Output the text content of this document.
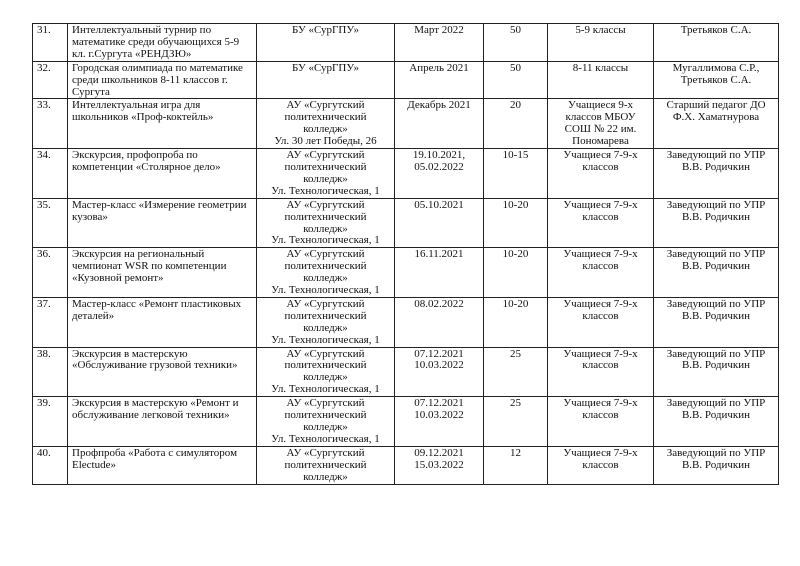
31.	Интеллектуальный турнир по математике среди обучающихся 5-9 кл. г.Сургута «РЕНДЗЮ»	БУ «СурГПУ»	Март 2022	50	5-9 классы	Третьяков С.А.
32.	Городская олимпиада по математике среди школьников 8-11 классов г. Сургута	БУ «СурГПУ»	Апрель 2021	50	8-11 классы	Мугаллимова С.Р.,
Третьяков С.А.
33.	Интеллектуальная игра для школьников «Проф-коктейль»	АУ «Сургутский
политехнический
колледж»
Ул. 30 лет Победы, 26	Декабрь 2021	20	Учащиеся 9-х
классов МБОУ
СОШ № 22 им.
Пономарева	Старший педагог ДО
Ф.Х. Хаматнурова
34.	Экскурсия, профопроба по компетенции «Столярное дело»	АУ «Сургутский
политехнический
колледж»
Ул. Технологическая, 1	19.10.2021,
05.02.2022	10-15	Учащиеся 7-9-х
классов	Заведующий по УПР
В.В. Родичкин
35.	Мастер-класс «Измерение геометрии кузова»	АУ «Сургутский
политехнический
колледж»
Ул. Технологическая, 1	05.10.2021	10-20	Учащиеся 7-9-х
классов	Заведующий по УПР
В.В. Родичкин
36.	Экскурсия на региональный чемпионат WSR по компетенции «Кузовной ремонт»	АУ «Сургутский
политехнический
колледж»
Ул. Технологическая, 1	16.11.2021	10-20	Учащиеся 7-9-х
классов	Заведующий по УПР
В.В. Родичкин
37.	Мастер-класс «Ремонт пластиковых деталей»	АУ «Сургутский
политехнический
колледж»
Ул. Технологическая, 1	08.02.2022	10-20	Учащиеся 7-9-х
классов	Заведующий по УПР
В.В. Родичкин
38.	Экскурсия в мастерскую «Обслуживание грузовой техники»	АУ «Сургутский
политехнический
колледж»
Ул. Технологическая, 1	07.12.2021
10.03.2022	25	Учащиеся 7-9-х
классов	Заведующий по УПР
В.В. Родичкин
39.	Экскурсия в мастерскую «Ремонт и обслуживание легковой техники»	АУ «Сургутский
политехнический
колледж»
Ул. Технологическая, 1	07.12.2021
10.03.2022	25	Учащиеся 7-9-х
классов	Заведующий по УПР
В.В. Родичкин
40.	Профпроба «Работа с симулятором Electude»	АУ «Сургутский
политехнический
колледж»	09.12.2021
15.03.2022	12	Учащиеся 7-9-х
классов	Заведующий по УПР
В.В. Родичкин
